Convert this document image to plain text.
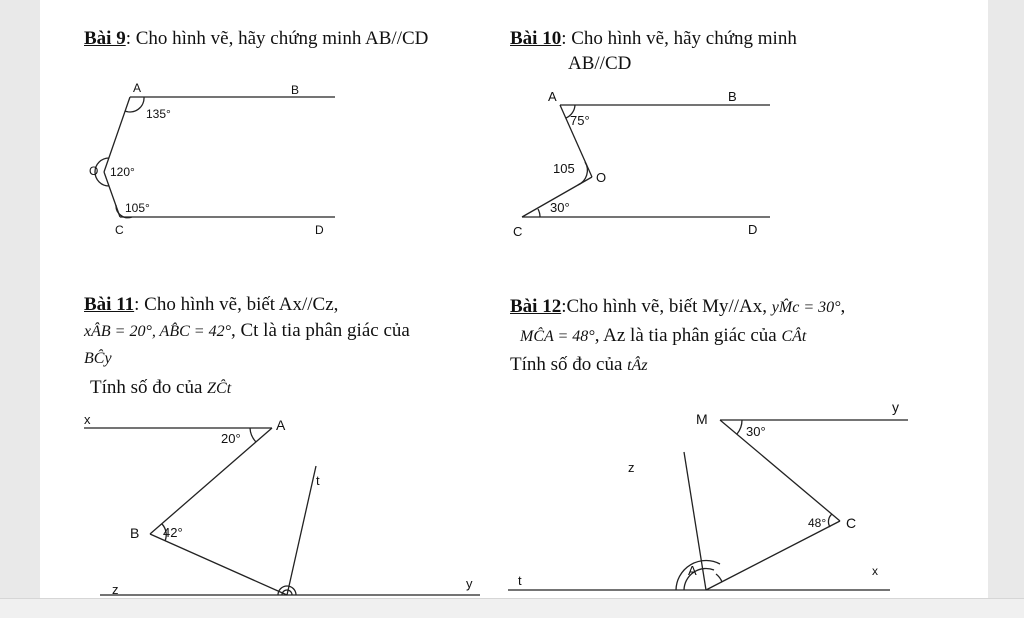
Bài 9: Cho hình vẽ, hãy chứng minh AB//CD	Bài 10: Cho hình vẽ, hãy chứng minh
AB//CD
Bài 11: Cho hình vẽ, biết Ax//Cz,
xÂB = 20°, AB̂C = 42°, Ct là tia phân giác của
BĈy
Tính số đo của ZĈt
Bài 12:Cho hình vẽ, biết My//Ax, yM̂c = 30°,
MĈA = 48°, Az là tia phân giác của CÂt
Tính số đo của tÂz
A	B
O
C	D
135°
120°
105°
A	B
O
C	D
75°
105
30°
x	A
t
B
z	y
20°
42°
M
y
z
C
A
t
x
30°
48°
